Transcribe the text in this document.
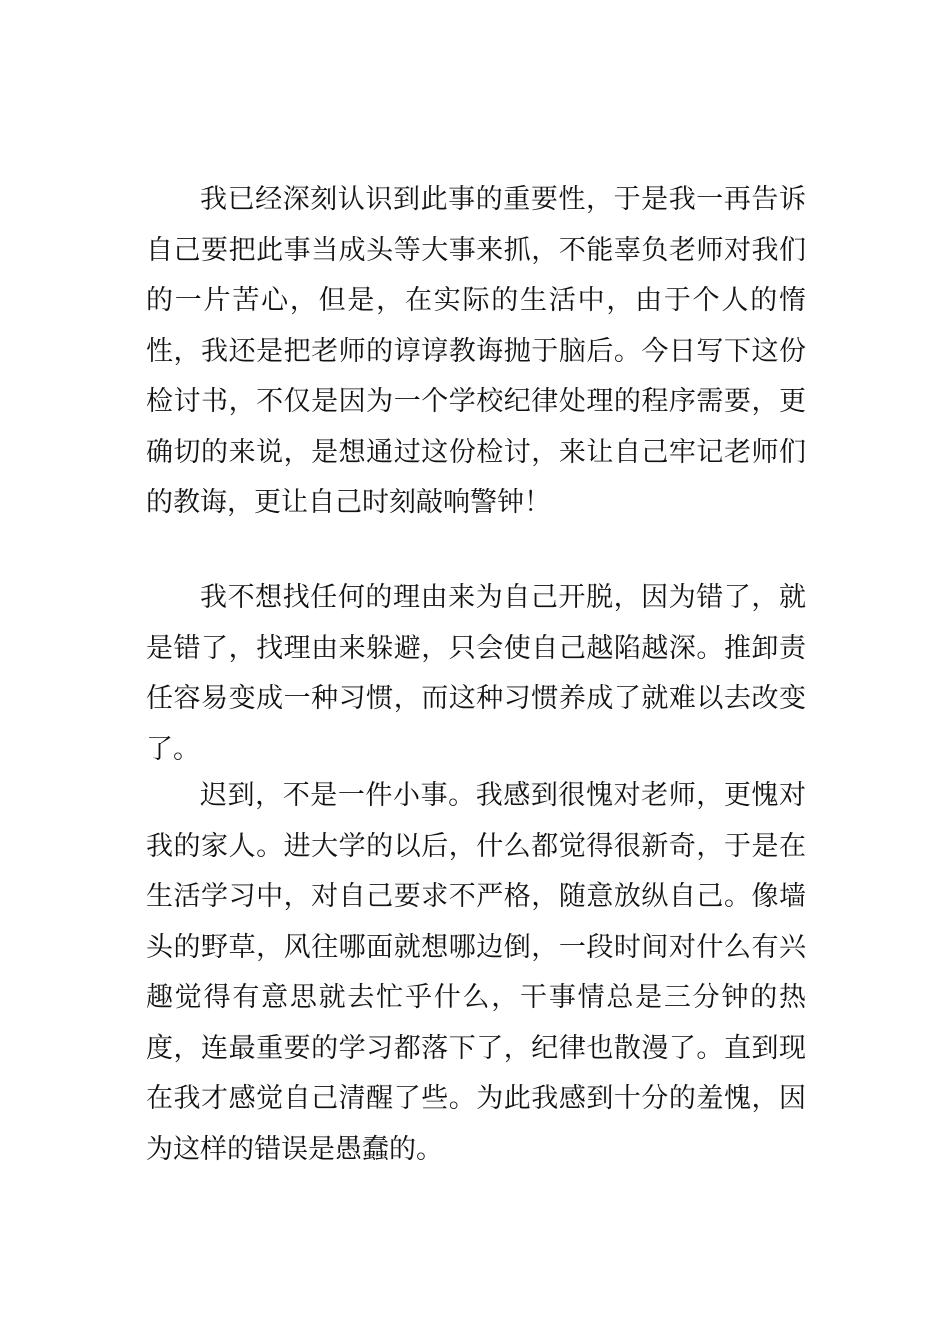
我已经深刻认识到此事的重要性，于是我一再告诉自己要把此事当成头等大事来抓，不能辜负老师对我们的一片苦心，但是，在实际的生活中，由于个人的惰性，我还是把老师的谆谆教诲抛于脑后。今日写下这份检讨书，不仅是因为一个学校纪律处理的程序需要，更确切的来说，是想通过这份检讨，来让自己牢记老师们的教诲，更让自己时刻敲响警钟！

我不想找任何的理由来为自己开脱，因为错了，就是错了，找理由来躲避，只会使自己越陷越深。推卸责任容易变成一种习惯，而这种习惯养成了就难以去改变了。

迟到，不是一件小事。我感到很愧对老师，更愧对我的家人。进大学的以后，什么都觉得很新奇，于是在生活学习中，对自己要求不严格，随意放纵自己。像墙头的野草，风往哪面就想哪边倒，一段时间对什么有兴趣觉得有意思就去忙乎什么，干事情总是三分钟的热度，连最重要的学习都落下了，纪律也散漫了。直到现在我才感觉自己清醒了些。为此我感到十分的羞愧，因为这样的错误是愚蠢的。
